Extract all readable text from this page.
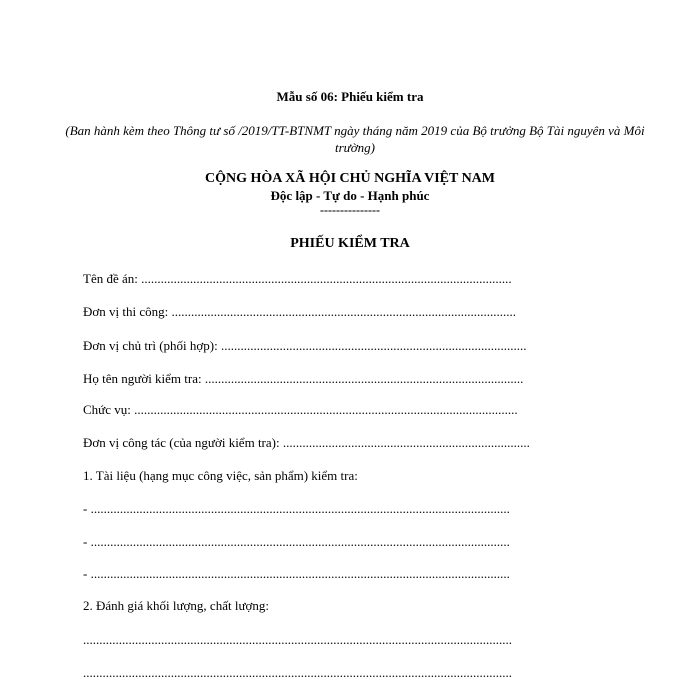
Mẫu số 06: Phiếu kiểm tra
(Ban hành kèm theo Thông tư số /2019/TT-BTNMT ngày tháng năm 2019 của Bộ trưởng Bộ Tài nguyên và Môi trường)
CỘNG HÒA XÃ HỘI CHỦ NGHĨA VIỆT NAM
Độc lập - Tự do - Hạnh phúc
---------------
PHIẾU KIỂM TRA
Tên đề án: ..................................................................................................................
Đơn vị thi công: ..........................................................................................................
Đơn vị chủ trì (phối hợp): ..............................................................................................
Họ tên người kiểm tra: ..................................................................................................
Chức vụ: ......................................................................................................................
Đơn vị công tác (của người kiểm tra): ............................................................................
1. Tài liệu (hạng mục công việc, sản phẩm) kiểm tra:
- .................................................................................................................................
- .................................................................................................................................
- .................................................................................................................................
2. Đánh giá khối lượng, chất lượng:
....................................................................................................................................
....................................................................................................................................
